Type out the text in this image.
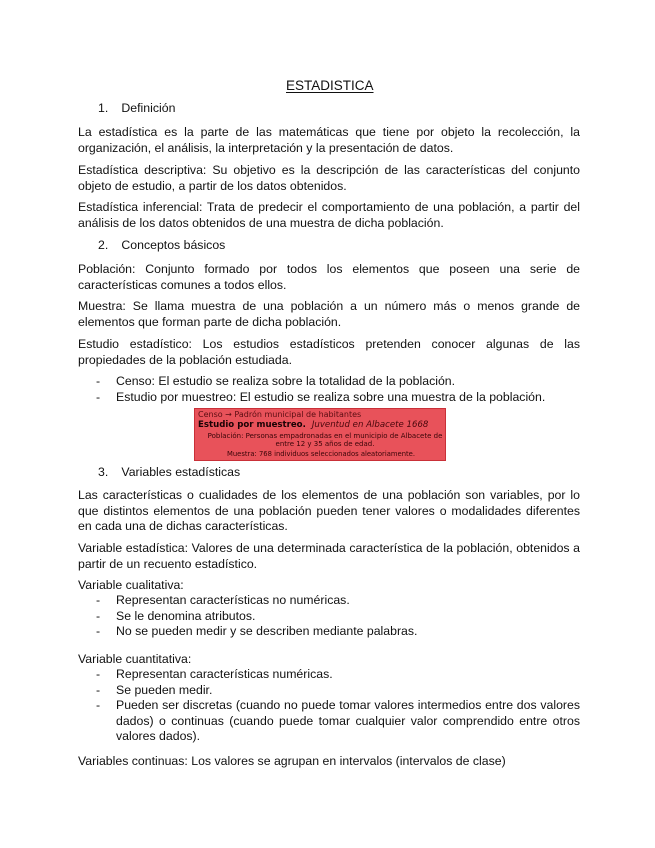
ESTADISTICA
1. Definición
La estadística es la parte de las matemáticas que tiene por objeto la recolección, la organización, el análisis, la interpretación y la presentación de datos.
Estadística descriptiva: Su objetivo es la descripción de las características del conjunto objeto de estudio, a partir de los datos obtenidos.
Estadística inferencial: Trata de predecir el comportamiento de una población, a partir del análisis de los datos obtenidos de una muestra de dicha población.
2. Conceptos básicos
Población: Conjunto formado por todos los elementos que poseen una serie de características comunes a todos ellos.
Muestra: Se llama muestra de una población a un número más o menos grande de elementos que forman parte de dicha población.
Estudio estadístico: Los estudios estadísticos pretenden conocer algunas de las propiedades de la población estudiada.
- Censo: El estudio se realiza sobre la totalidad de la población.
- Estudio por muestreo: El estudio se realiza sobre una muestra de la población.
3. Variables estadísticas
Las características o cualidades de los elementos de una población son variables, por lo que distintos elementos de una población pueden tener valores o modalidades diferentes en cada una de dichas características.
Variable estadística: Valores de una determinada característica de la población, obtenidos a partir de un recuento estadístico.
Variable cualitativa:
- Representan características no numéricas.
- Se le denomina atributos.
- No se pueden medir y se describen mediante palabras.
Variable cuantitativa:
- Representan características numéricas.
- Se pueden medir.
- Pueden ser discretas (cuando no puede tomar valores intermedios entre dos valores dados) o continuas (cuando puede tomar cualquier valor comprendido entre otros valores dados).
Variables continuas: Los valores se agrupan en intervalos (intervalos de clase)
Censo → Padrón municipal de habitantes
Estudio por muestreo. Juventud en Albacete 1668
Población: Personas empadronadas en el municipio de Albacete de entre 12 y 35 años de edad.
Muestra: 768 individuos seleccionados aleatoriamente.
